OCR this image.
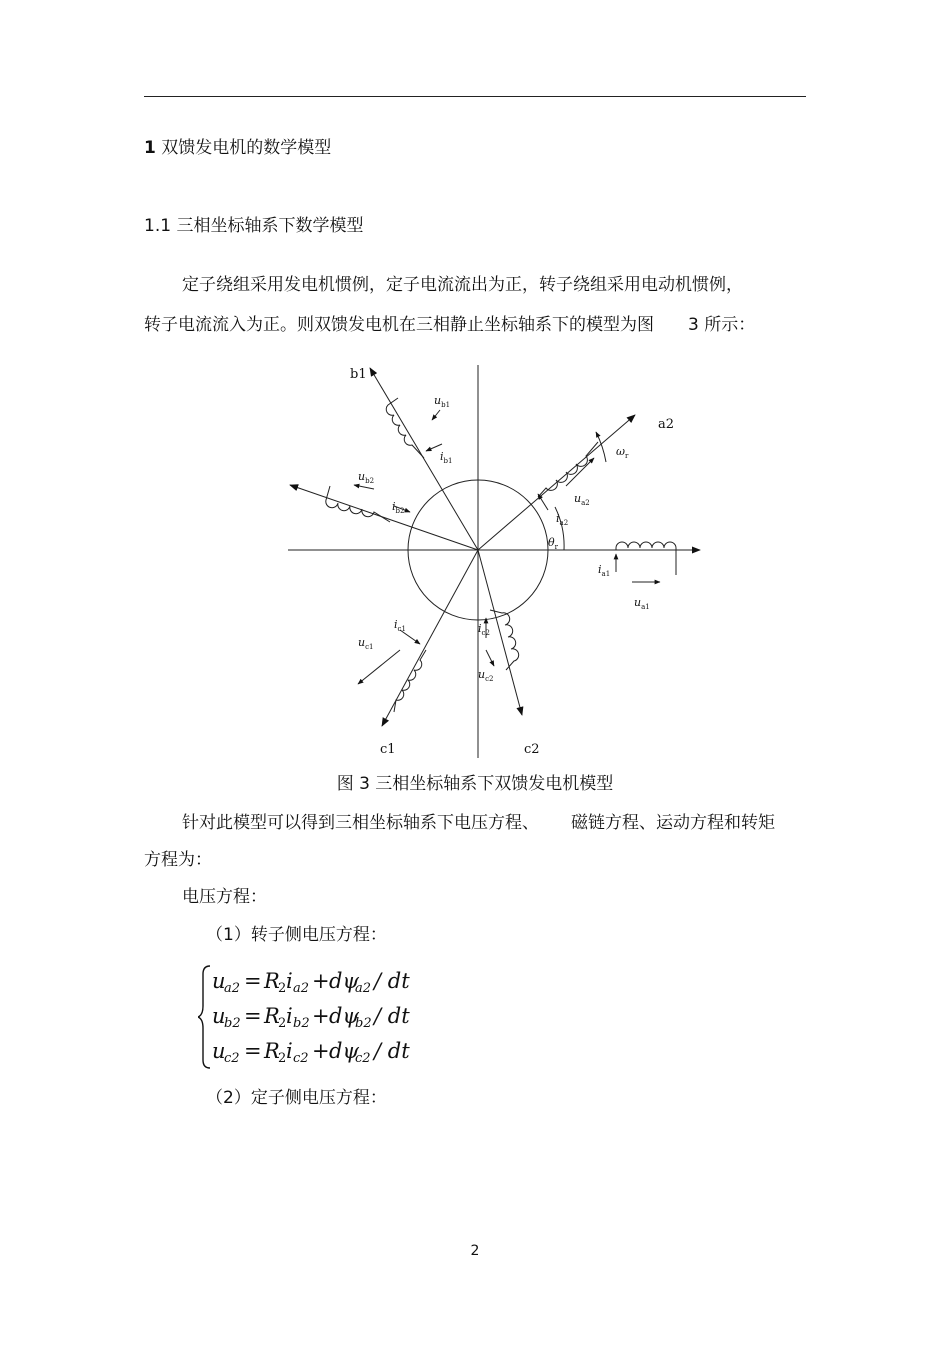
1 双馈发电机的数学模型
1.1 三相坐标轴系下数学模型
定子绕组采用发电机惯例，定子电流流出为正，转子绕组采用电动机惯例，
转子电流流入为正。则双馈发电机在三相静止坐标轴系下的模型为图 3 所示：
b1
a2
c1	c2
$u_{b1}$
$i_{b1}$
$u_{b2}$
$i_{b2}$
$\omega_r$
$u_{a2}$
$i_{a2}$
$\theta_r$
$i_{a1}$
$u_{a1}$
$i_{c1}$
$u_{c1}$
$i_{c2}$
$u_{c2}$
图 3 三相坐标轴系下双馈发电机模型
针对此模型可以得到三相坐标轴系下电压方程、 磁链方程、运动方程和转矩
方程为：
电压方程：
（1）转子侧电压方程：
u
a2 = R
2 i a2 + dψ
a2 / dt
u
b2 = R
2 i b2 + dψ
b2 / dt
u
c2 = R
2 i c2 + dψ
c2 / dt
（2）定子侧电压方程：
2
